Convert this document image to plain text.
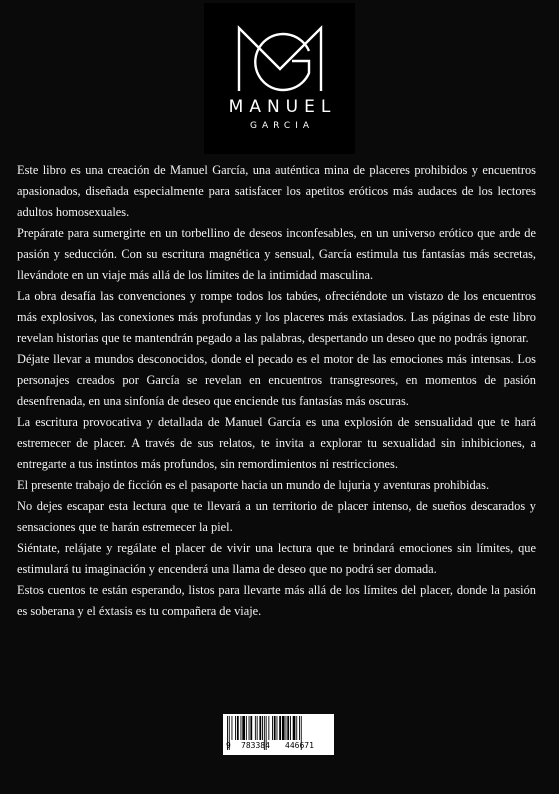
MANUEL
GARCIA

Este libro es una creación de Manuel García, una auténtica mina de placeres prohibidos y encuentros apasionados, diseñada especialmente para satisfacer los apetitos eróticos más audaces de los lectores adultos homosexuales.

Prepárate para sumergirte en un torbellino de deseos inconfesables, en un universo erótico que arde de pasión y seducción. Con su escritura magnética y sensual, García estimula tus fantasías más secretas, llevándote en un viaje más allá de los límites de la intimidad masculina.

La obra desafía las convenciones y rompe todos los tabúes, ofreciéndote un vistazo de los encuentros más explosivos, las conexiones más profundas y los placeres más extasiados. Las páginas de este libro revelan historias que te mantendrán pegado a las palabras, despertando un deseo que no podrás ignorar.

Déjate llevar a mundos desconocidos, donde el pecado es el motor de las emociones más intensas. Los personajes creados por García se revelan en encuentros transgresores, en momentos de pasión desenfrenada, en una sinfonía de deseo que enciende tus fantasías más oscuras.

La escritura provocativa y detallada de Manuel García es una explosión de sensualidad que te hará estremecer de placer. A través de sus relatos, te invita a explorar tu sexualidad sin inhibiciones, a entregarte a tus instintos más profundos, sin remordimientos ni restricciones.

El presente trabajo de ficción es el pasaporte hacia un mundo de lujuria y aventuras prohibidas.

No dejes escapar esta lectura que te llevará a un territorio de placer intenso, de sueños descarados y sensaciones que te harán estremecer la piel.

Siéntate, relájate y regálate el placer de vivir una lectura que te brindará emociones sin límites, que estimulará tu imaginación y encenderá una llama de deseo que no podrá ser domada.

Estos cuentos te están esperando, listos para llevarte más allá de los límites del placer, donde la pasión es soberana y el éxtasis es tu compañera de viaje.

9 783384 446671
